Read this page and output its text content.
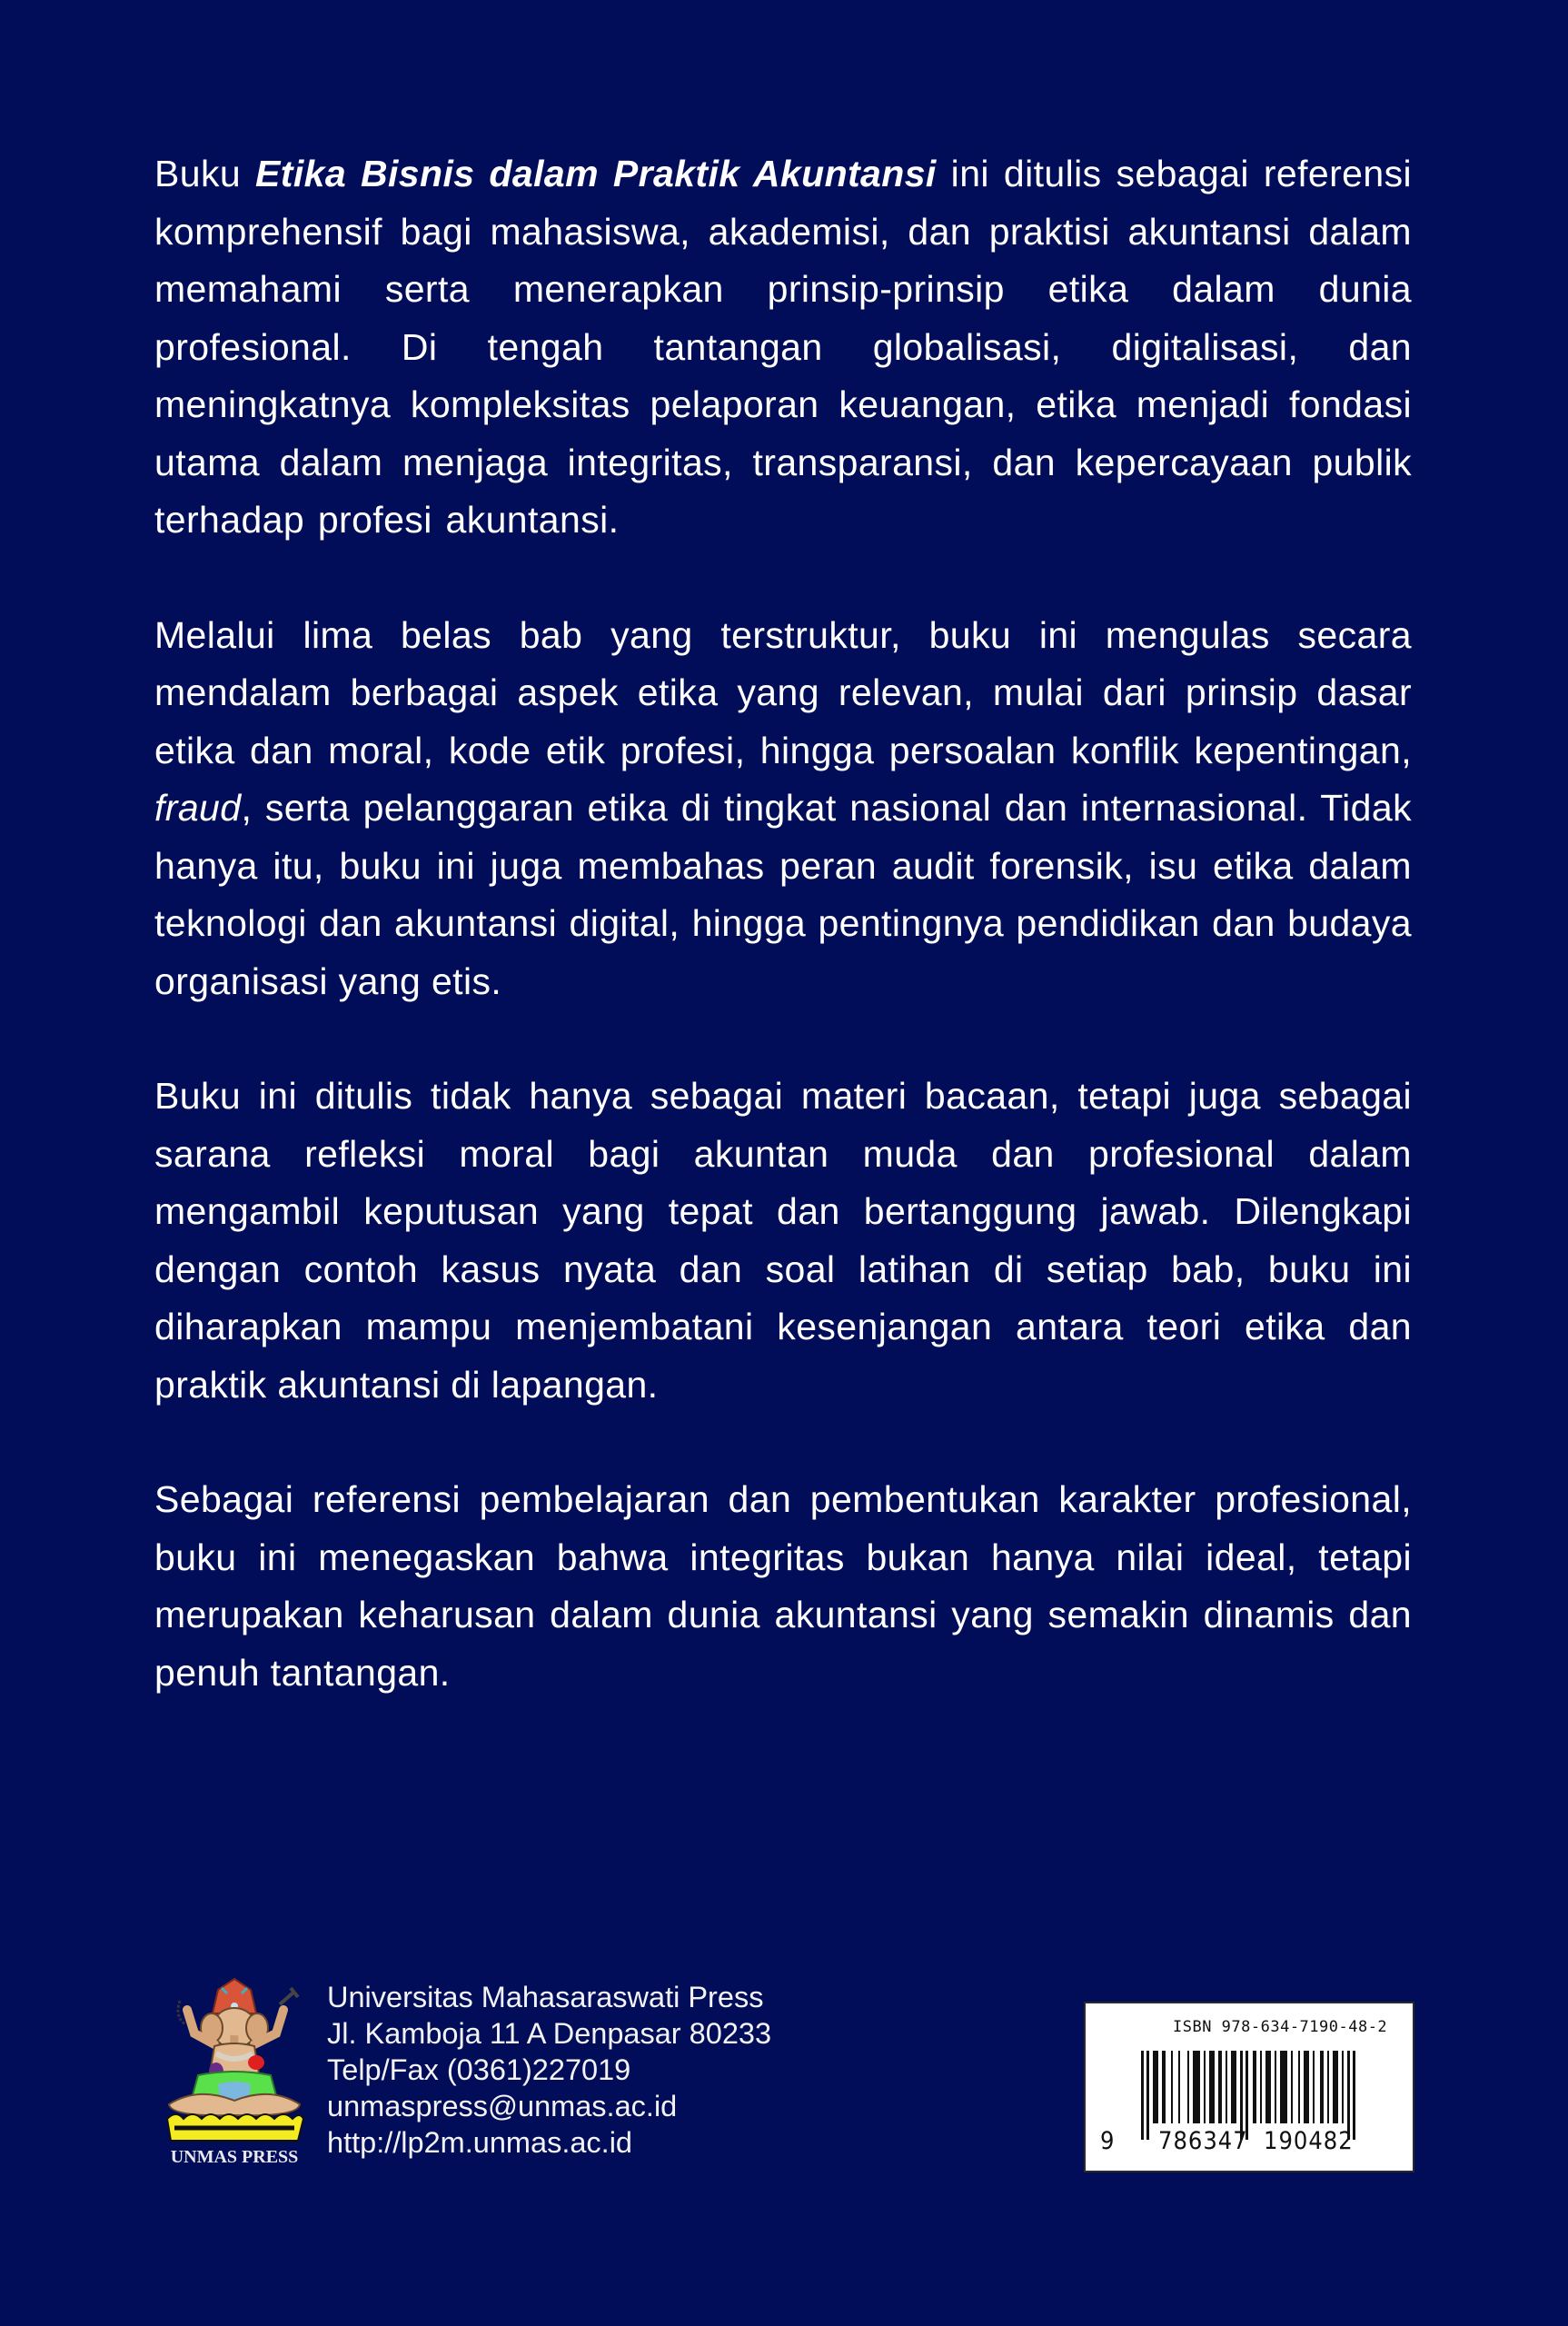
Buku Etika Bisnis dalam Praktik Akuntansi ini ditulis sebagai referensi komprehensif bagi mahasiswa, akademisi, dan praktisi akuntansi dalam memahami serta menerapkan prinsip-prinsip etika dalam dunia profesional. Di tengah tantangan globalisasi, digitalisasi, dan meningkatnya kompleksitas pelaporan keuangan, etika menjadi fondasi utama dalam menjaga integritas, transparansi, dan kepercayaan publik terhadap profesi akuntansi.

Melalui lima belas bab yang terstruktur, buku ini mengulas secara mendalam berbagai aspek etika yang relevan, mulai dari prinsip dasar etika dan moral, kode etik profesi, hingga persoalan konflik kepentingan, fraud, serta pelanggaran etika di tingkat nasional dan internasional. Tidak hanya itu, buku ini juga membahas peran audit forensik, isu etika dalam teknologi dan akuntansi digital, hingga pentingnya pendidikan dan budaya organisasi yang etis.

Buku ini ditulis tidak hanya sebagai materi bacaan, tetapi juga sebagai sarana refleksi moral bagi akuntan muda dan profesional dalam mengambil keputusan yang tepat dan bertanggung jawab. Dilengkapi dengan contoh kasus nyata dan soal latihan di setiap bab, buku ini diharapkan mampu menjembatani kesenjangan antara teori etika dan praktik akuntansi di lapangan.

Sebagai referensi pembelajaran dan pembentukan karakter profesional, buku ini menegaskan bahwa integritas bukan hanya nilai ideal, tetapi merupakan keharusan dalam dunia akuntansi yang semakin dinamis dan penuh tantangan.

UNMAS PRESS
Universitas Mahasaraswati Press
Jl. Kamboja 11 A Denpasar 80233
Telp/Fax (0361)227019
unmaspress@unmas.ac.id
http://lp2m.unmas.ac.id
ISBN 978-634-7190-48-2
9 786347 190482
